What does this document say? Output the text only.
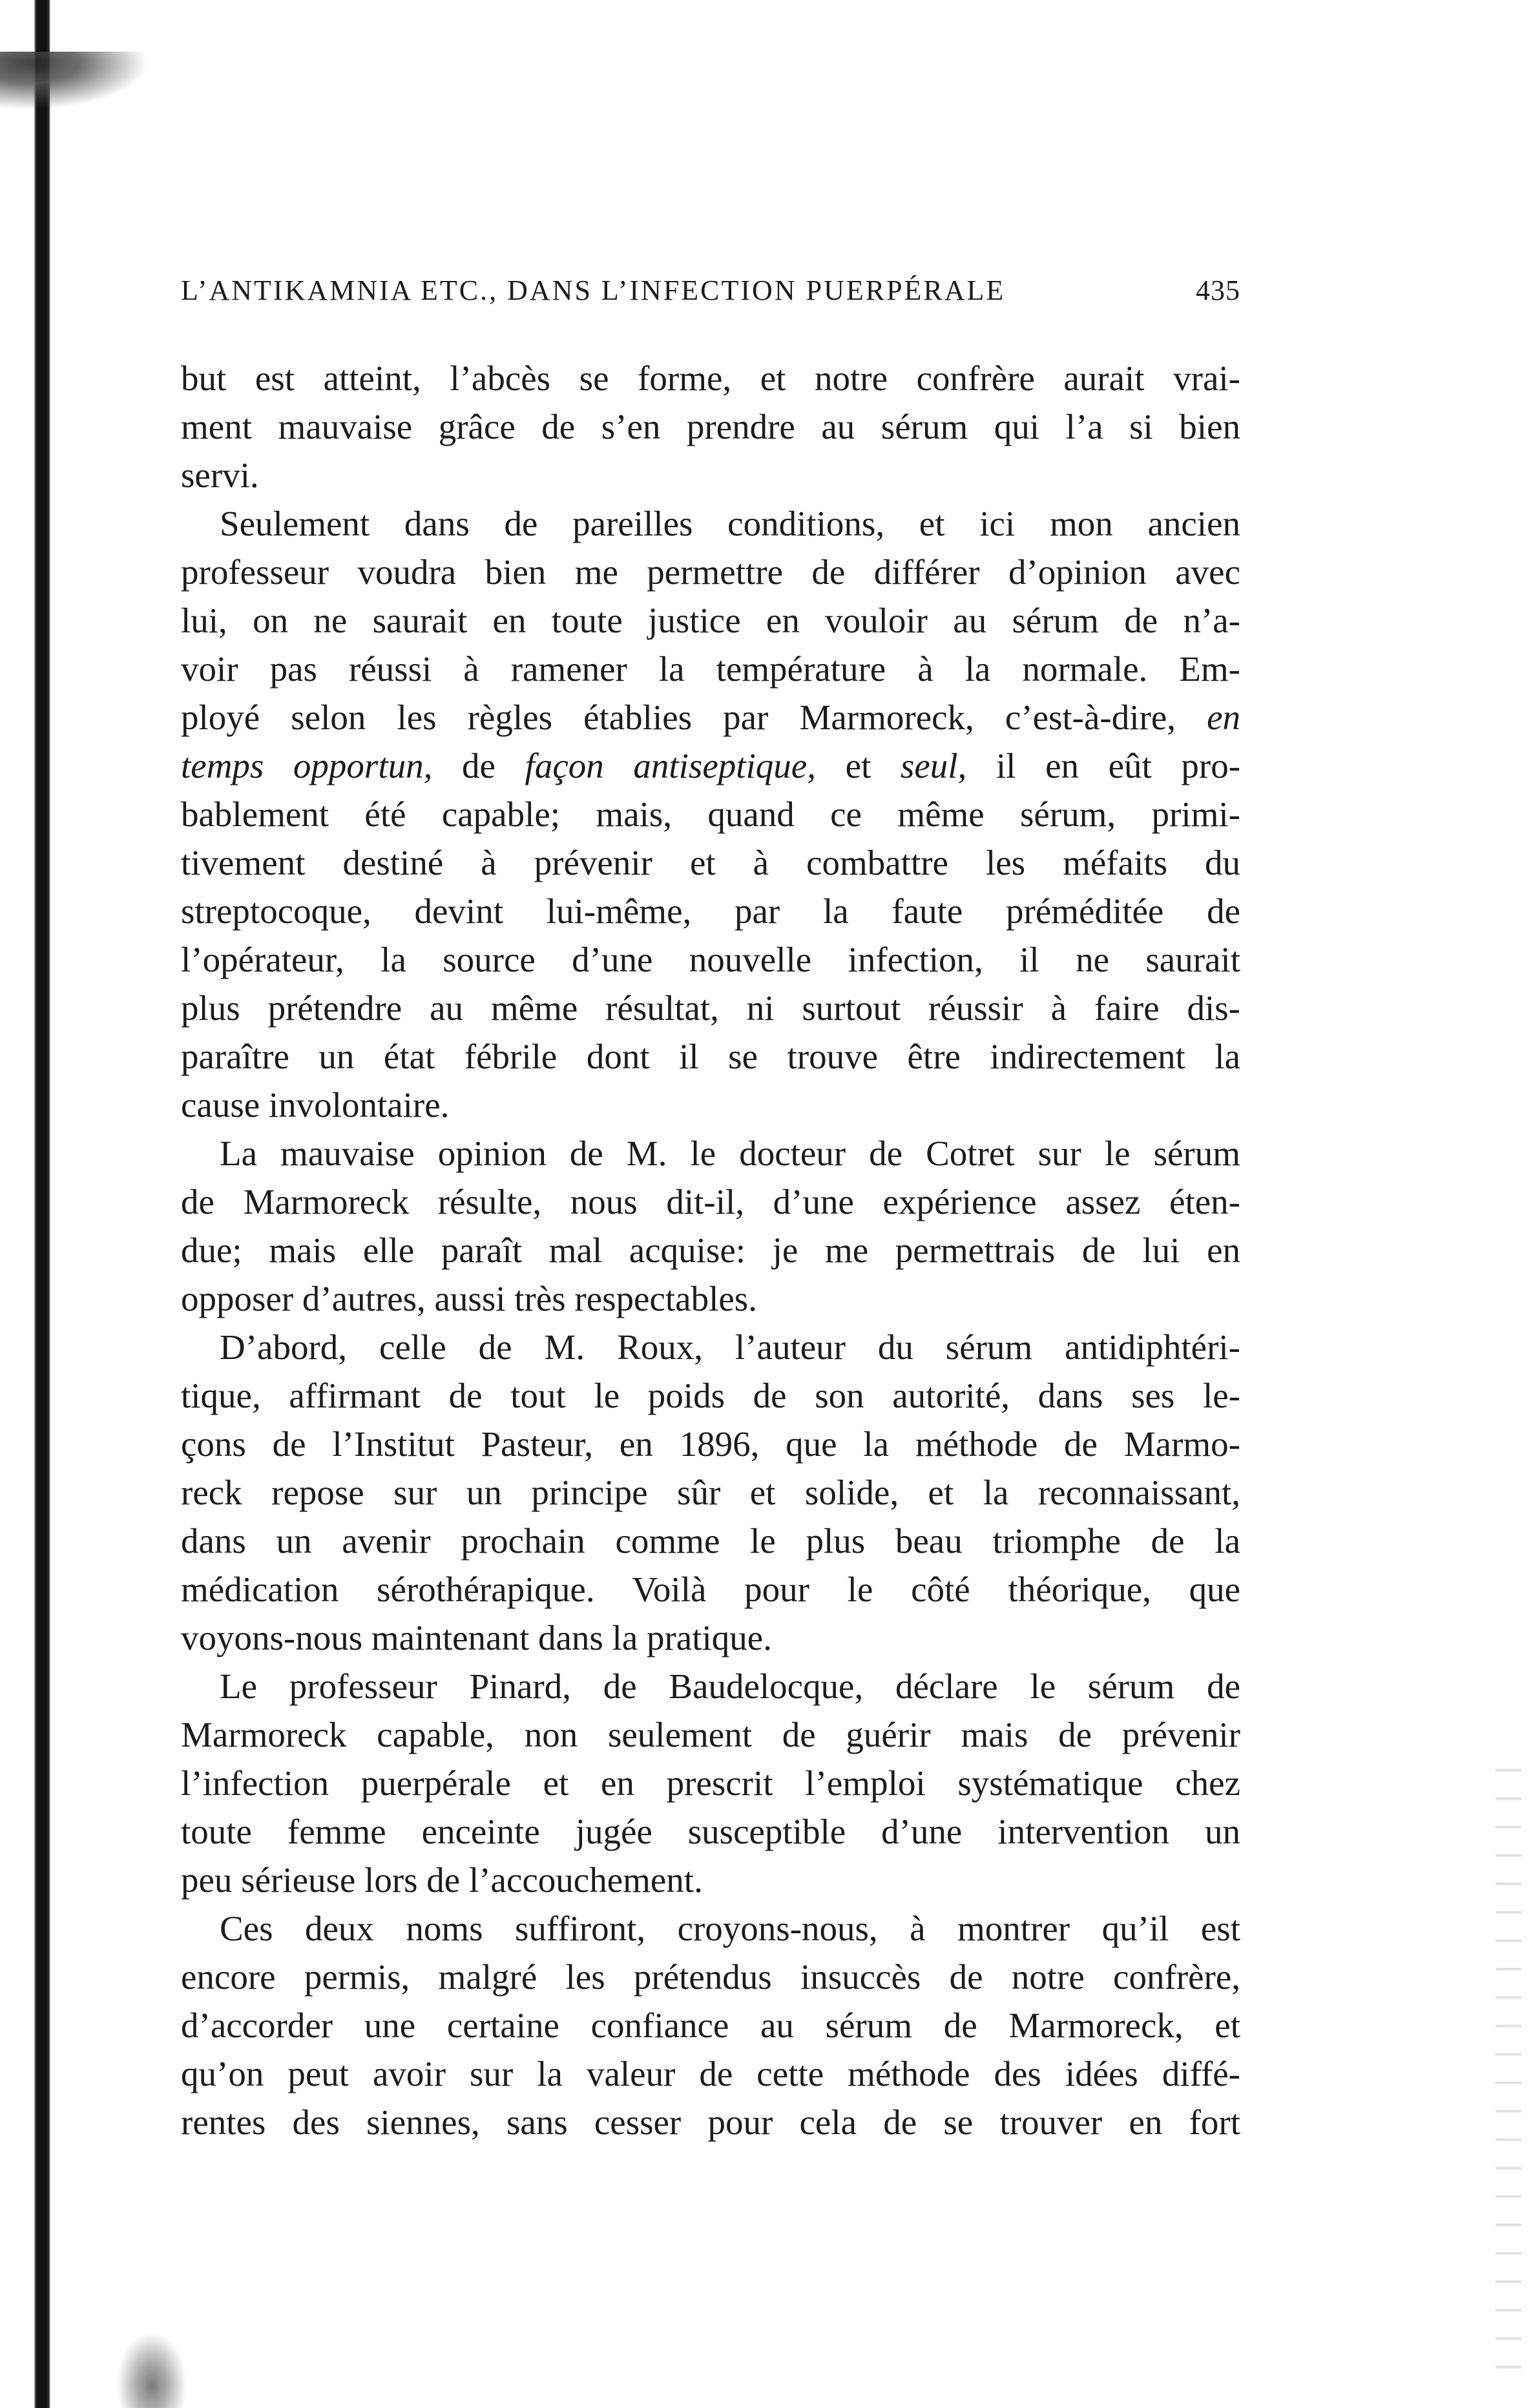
L’ANTIKAMNIA ETC., DANS L’INFECTION PUERPÉRALE	435
but est atteint, l’abcès se forme, et notre confrère aurait vrai-
ment mauvaise grâce de s’en prendre au sérum qui l’a si bien
servi.
Seulement dans de pareilles conditions, et ici mon ancien
professeur voudra bien me permettre de différer d’opinion avec
lui, on ne saurait en toute justice en vouloir au sérum de n’a-
voir pas réussi à ramener la température à la normale. Em-
ployé selon les règles établies par Marmoreck, c’est-à-dire, en
temps opportun, de façon antiseptique, et seul, il en eût pro-
bablement été capable; mais, quand ce même sérum, primi-
tivement destiné à prévenir et à combattre les méfaits du
streptocoque, devint lui-même, par la faute préméditée de
l’opérateur, la source d’une nouvelle infection, il ne saurait
plus prétendre au même résultat, ni surtout réussir à faire dis-
paraître un état fébrile dont il se trouve être indirectement la
cause involontaire.
La mauvaise opinion de M. le docteur de Cotret sur le sérum
de Marmoreck résulte, nous dit-il, d’une expérience assez éten-
due; mais elle paraît mal acquise: je me permettrais de lui en
opposer d’autres, aussi très respectables.
D’abord, celle de M. Roux, l’auteur du sérum antidiphtéri-
tique, affirmant de tout le poids de son autorité, dans ses le-
çons de l’Institut Pasteur, en 1896, que la méthode de Marmo-
reck repose sur un principe sûr et solide, et la reconnaissant,
dans un avenir prochain comme le plus beau triomphe de la
médication sérothérapique. Voilà pour le côté théorique, que
voyons-nous maintenant dans la pratique.
Le professeur Pinard, de Baudelocque, déclare le sérum de
Marmoreck capable, non seulement de guérir mais de prévenir
l’infection puerpérale et en prescrit l’emploi systématique chez
toute femme enceinte jugée susceptible d’une intervention un
peu sérieuse lors de l’accouchement.
Ces deux noms suffiront, croyons-nous, à montrer qu’il est
encore permis, malgré les prétendus insuccès de notre confrère,
d’accorder une certaine confiance au sérum de Marmoreck, et
qu’on peut avoir sur la valeur de cette méthode des idées diffé-
rentes des siennes, sans cesser pour cela de se trouver en fort
